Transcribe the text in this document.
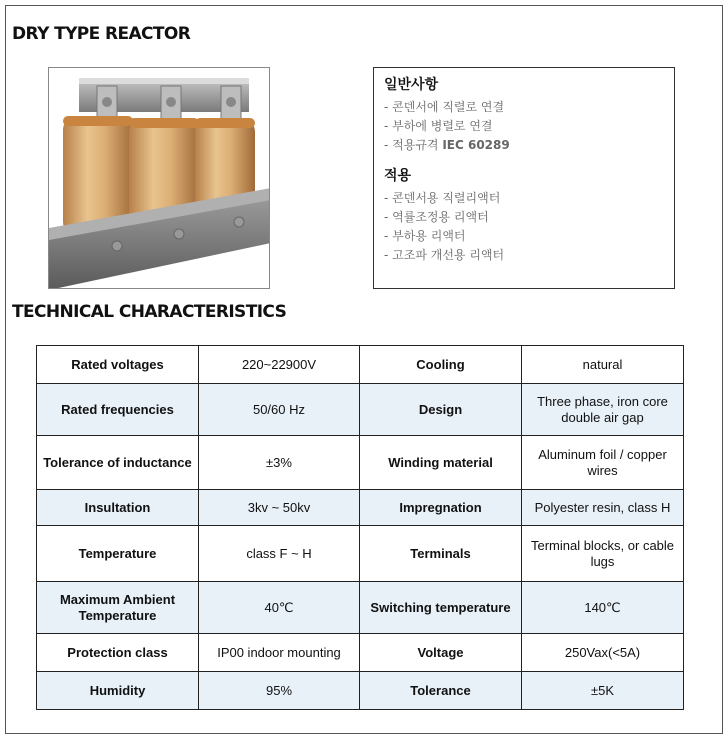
DRY TYPE REACTOR
일반사항
- 콘덴서에 직렬로 연결
- 부하에 병렬로 연결
- 적용규격 IEC 60289
적용
- 콘덴서용 직렬리액터
- 역률조정용 리액터
- 부하용 리액터
- 고조파 개선용 리액터
TECHNICAL CHARACTERISTICS
Rated voltages	220~22900V	Cooling	natural
Rated frequencies	50/60 Hz	Design	Three phase, iron core double air gap
Tolerance of inductance	±3%	Winding material	Aluminum foil / copper wires
Insultation	3kv ~ 50kv	Impregnation	Polyester resin, class H
Temperature	class F ~ H	Terminals	Terminal blocks, or cable lugs
Maximum Ambient Temperature	40℃	Switching temperature	140℃
Protection class	IP00 indoor mounting	Voltage	250Vax(<5A)
Humidity	95%	Tolerance	±5K
